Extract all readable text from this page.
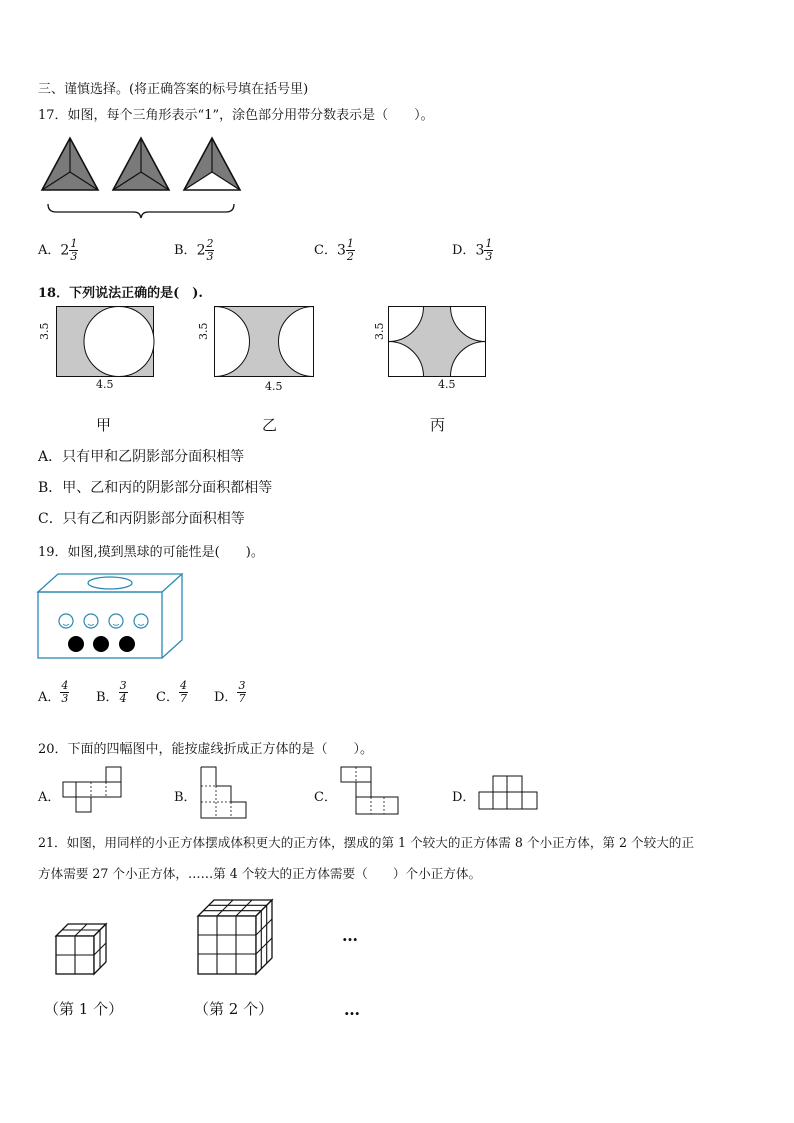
三、谨慎选择。(将正确答案的标号填在括号里)
17．如图，每个三角形表示“1”，涂色部分用带分数表示是（　　）。
A．$2 \frac{1}{3}$	B．$2 \frac{2}{3}$	C．$3 \frac{1}{2}$	D．$3 \frac{1}{3}$
18．下列说法正确的是(　).
3.5
4.5
甲
3.5
4.5
乙
3.5
4.5
丙
A．只有甲和乙阴影部分面积相等
B．甲、乙和丙的阴影部分面积都相等
C．只有乙和丙阴影部分面积相等
19．如图,摸到黑球的可能性是(　　)。
A． $\frac{4}{3}$ B． $\frac{3}{4}$ C． $\frac{4}{7}$ D． $\frac{3}{7}$
20．下面的四幅图中，能按虚线折成正方体的是（　　）。
A．	B．	C．	D．
21．如图，用同样的小正方体摆成体积更大的正方体，摆成的第 1 个较大的正方体需 8 个小正方体，第 2 个较大的正
方体需要 27 个小正方体，……第 4 个较大的正方体需要（　　）个小正方体。
…
（第 1 个）	（第 2 个）	…
